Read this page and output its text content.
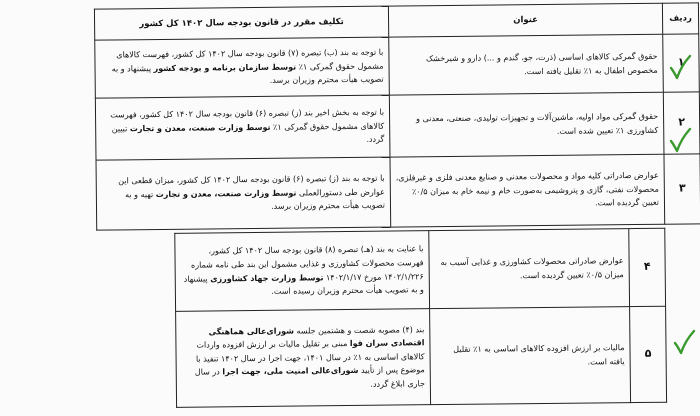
ردیف	عنوان	تکلیف مقرر در قانون بودجه سال ۱۴۰۲ کل کشور
۱	حقوق گمرکی کالاهای اساسی (ذرت، جو، گندم و ...) دارو و شیرخشک مخصوص اطفال به ۱٪ تقلیل یافته است.	با توجه به بند (ب) تبصره (۷) قانون بودجه سال ۱۴۰۲ کل کشور، فهرست کالاهای مشمول حقوق گمرکی ۱٪ توسط سازمان برنامه و بودجه کشور پیشنهاد و به تصویب هیأت محترم وزیران برسد.
۲	حقوق گمرکی مواد اولیه، ماشین‌آلات و تجهیزات تولیدی، صنعتی، معدنی و کشاورزی ۱٪ تعیین شده است.	با توجه به بخش اخیر بند (ز) تبصره (۶) قانون بودجه سال ۱۴۰۲ کل کشور، فهرست کالاهای مشمول حقوق گمرکی ۱٪ توسط وزارت صنعت، معدن و تجارت تبیین گردد.
۳	عوارض صادراتی کلیه مواد و محصولات معدنی و صنایع معدنی فلزی و غیرفلزی، محصولات نفتی، گازی و پتروشیمی به‌صورت خام و نیمه خام به میزان ۰/۵٪ تعیین گردیده است.	با توجه به بند (ز) تبصره (۶) قانون بودجه سال ۱۴۰۲ کل کشور، میزان قطعی این عوارض طی دستورالعملی توسط وزارت صنعت، معدن و تجارت تهیه و به تصویب هیأت محترم وزیران برسد.
۴	عوارض صادراتی محصولات کشاورزی و غذایی آسیب به میزان ۰/۵٪ تعیین گردیده است.	با عنایت به بند (هـ) تبصره (۸) قانون بودجه سال ۱۴۰۲ کل کشور، فهرست محصولات کشاورزی و غذایی مشمول این بند طی نامه شماره ۱۴۰۲/۱/۲۲۶ مورخ ۱۴۰۲/۱/۱۷ توسط وزارت جهاد کشاورزی پیشنهاد و به تصویب هیأت محترم وزیران رسیده است.
۵	مالیات بر ارزش افزوده کالاهای اساسی به ۱٪ تقلیل یافته است.	بند (۴) مصوبه شصت و هشتمین جلسه شورای‌عالی هماهنگی اقتصادی سران قوا مبنی بر تقلیل مالیات بر ارزش افزوده واردات کالاهای اساسی به ۱٪ در سال ۱۴۰۱، جهت اجرا در سال ۱۴۰۲ تنفیذ با موضوع پس از تأیید شورای‌عالی امنیت ملی، جهت اجرا در سال جاری ابلاغ گردد.
